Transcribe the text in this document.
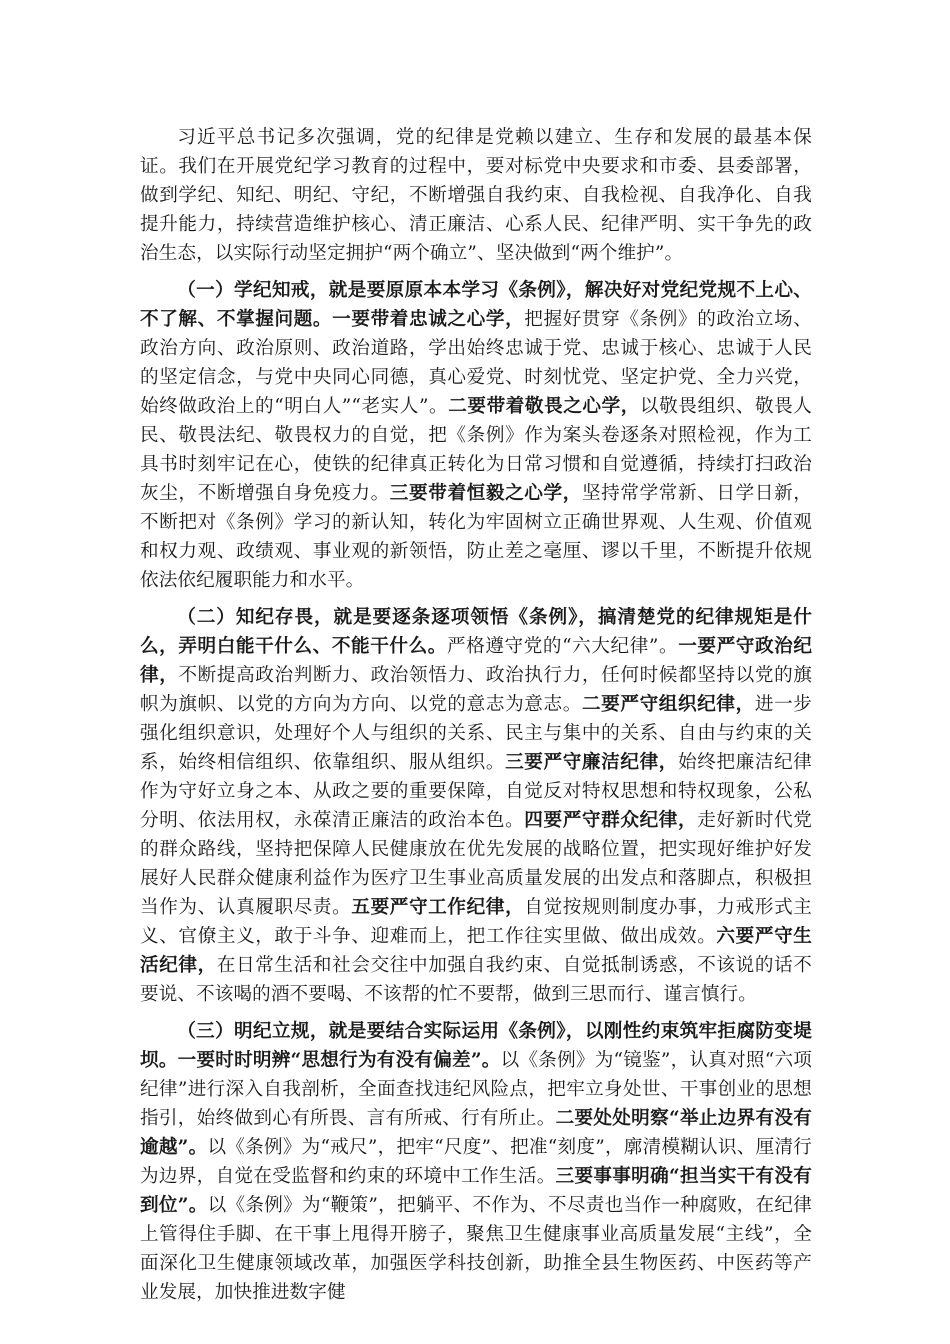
习近平总书记多次强调，党的纪律是党赖以建立、生存和发展的最基本保证。我们在开展党纪学习教育的过程中，要对标党中央要求和市委、县委部署，做到学纪、知纪、明纪、守纪，不断增强自我约束、自我检视、自我净化、自我提升能力，持续营造维护核心、清正廉洁、心系人民、纪律严明、实干争先的政治生态，以实际行动坚定拥护“两个确立”、坚决做到“两个维护”。

（一）学纪知戒，就是要原原本本学习《条例》，解决好对党纪党规不上心、不了解、不掌握问题。一要带着忠诚之心学，把握好贯穿《条例》的政治立场、政治方向、政治原则、政治道路，学出始终忠诚于党、忠诚于核心、忠诚于人民的坚定信念，与党中央同心同德，真心爱党、时刻忧党、坚定护党、全力兴党，始终做政治上的“明白人”“老实人”。二要带着敬畏之心学，以敬畏组织、敬畏人民、敬畏法纪、敬畏权力的自觉，把《条例》作为案头卷逐条对照检视，作为工具书时刻牢记在心，使铁的纪律真正转化为日常习惯和自觉遵循，持续打扫政治灰尘，不断增强自身免疫力。三要带着恒毅之心学，坚持常学常新、日学日新，不断把对《条例》学习的新认知，转化为牢固树立正确世界观、人生观、价值观和权力观、政绩观、事业观的新领悟，防止差之毫厘、谬以千里，不断提升依规依法依纪履职能力和水平。

（二）知纪存畏，就是要逐条逐项领悟《条例》，搞清楚党的纪律规矩是什么，弄明白能干什么、不能干什么。严格遵守党的“六大纪律”。一要严守政治纪律，不断提高政治判断力、政治领悟力、政治执行力，任何时候都坚持以党的旗帜为旗帜、以党的方向为方向、以党的意志为意志。二要严守组织纪律，进一步强化组织意识，处理好个人与组织的关系、民主与集中的关系、自由与约束的关系，始终相信组织、依靠组织、服从组织。三要严守廉洁纪律，始终把廉洁纪律作为守好立身之本、从政之要的重要保障，自觉反对特权思想和特权现象，公私分明、依法用权，永葆清正廉洁的政治本色。四要严守群众纪律，走好新时代党的群众路线，坚持把保障人民健康放在优先发展的战略位置，把实现好维护好发展好人民群众健康利益作为医疗卫生事业高质量发展的出发点和落脚点，积极担当作为、认真履职尽责。五要严守工作纪律，自觉按规则制度办事，力戒形式主义、官僚主义，敢于斗争、迎难而上，把工作往实里做、做出成效。六要严守生活纪律，在日常生活和社会交往中加强自我约束、自觉抵制诱惑，不该说的话不要说、不该喝的酒不要喝、不该帮的忙不要帮，做到三思而行、谨言慎行。

（三）明纪立规，就是要结合实际运用《条例》，以刚性约束筑牢拒腐防变堤坝。一要时时明辨“思想行为有没有偏差”。以《条例》为“镜鉴”，认真对照“六项纪律”进行深入自我剖析，全面查找违纪风险点，把牢立身处世、干事创业的思想指引，始终做到心有所畏、言有所戒、行有所止。二要处处明察“举止边界有没有逾越”。以《条例》为“戒尺”，把牢“尺度”、把准“刻度”，廓清模糊认识、厘清行为边界，自觉在受监督和约束的环境中工作生活。三要事事明确“担当实干有没有到位”。以《条例》为“鞭策”，把躺平、不作为、不尽责也当作一种腐败，在纪律上管得住手脚、在干事上甩得开膀子，聚焦卫生健康事业高质量发展“主线”，全面深化卫生健康领域改革，加强医学科技创新，助推全县生物医药、中医药等产业发展，加快推进数字健
